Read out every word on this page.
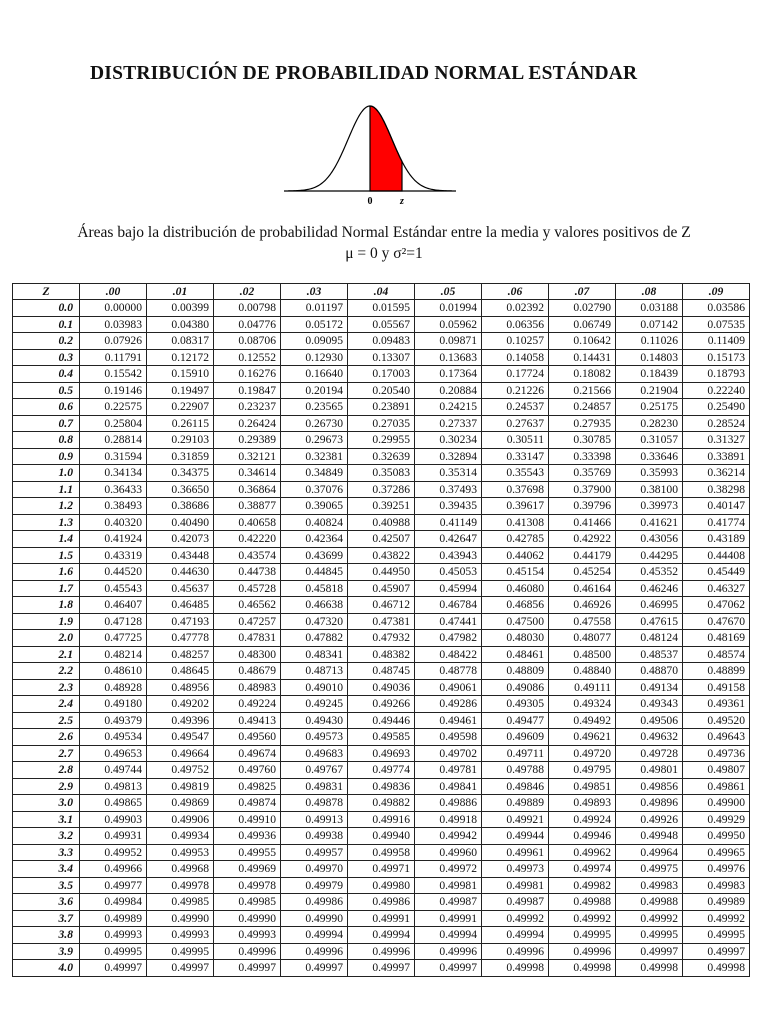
DISTRIBUCIÓN DE PROBABILIDAD NORMAL ESTÁNDAR
0	z
Áreas bajo la distribución de probabilidad Normal Estándar entre la media y valores positivos de Z
μ = 0 y σ²=1
Z	.00	.01	.02	.03	.04	.05	.06	.07	.08	.09
0.0	0.00000	0.00399	0.00798	0.01197	0.01595	0.01994	0.02392	0.02790	0.03188	0.03586
0.1	0.03983	0.04380	0.04776	0.05172	0.05567	0.05962	0.06356	0.06749	0.07142	0.07535
0.2	0.07926	0.08317	0.08706	0.09095	0.09483	0.09871	0.10257	0.10642	0.11026	0.11409
0.3	0.11791	0.12172	0.12552	0.12930	0.13307	0.13683	0.14058	0.14431	0.14803	0.15173
0.4	0.15542	0.15910	0.16276	0.16640	0.17003	0.17364	0.17724	0.18082	0.18439	0.18793
0.5	0.19146	0.19497	0.19847	0.20194	0.20540	0.20884	0.21226	0.21566	0.21904	0.22240
0.6	0.22575	0.22907	0.23237	0.23565	0.23891	0.24215	0.24537	0.24857	0.25175	0.25490
0.7	0.25804	0.26115	0.26424	0.26730	0.27035	0.27337	0.27637	0.27935	0.28230	0.28524
0.8	0.28814	0.29103	0.29389	0.29673	0.29955	0.30234	0.30511	0.30785	0.31057	0.31327
0.9	0.31594	0.31859	0.32121	0.32381	0.32639	0.32894	0.33147	0.33398	0.33646	0.33891
1.0	0.34134	0.34375	0.34614	0.34849	0.35083	0.35314	0.35543	0.35769	0.35993	0.36214
1.1	0.36433	0.36650	0.36864	0.37076	0.37286	0.37493	0.37698	0.37900	0.38100	0.38298
1.2	0.38493	0.38686	0.38877	0.39065	0.39251	0.39435	0.39617	0.39796	0.39973	0.40147
1.3	0.40320	0.40490	0.40658	0.40824	0.40988	0.41149	0.41308	0.41466	0.41621	0.41774
1.4	0.41924	0.42073	0.42220	0.42364	0.42507	0.42647	0.42785	0.42922	0.43056	0.43189
1.5	0.43319	0.43448	0.43574	0.43699	0.43822	0.43943	0.44062	0.44179	0.44295	0.44408
1.6	0.44520	0.44630	0.44738	0.44845	0.44950	0.45053	0.45154	0.45254	0.45352	0.45449
1.7	0.45543	0.45637	0.45728	0.45818	0.45907	0.45994	0.46080	0.46164	0.46246	0.46327
1.8	0.46407	0.46485	0.46562	0.46638	0.46712	0.46784	0.46856	0.46926	0.46995	0.47062
1.9	0.47128	0.47193	0.47257	0.47320	0.47381	0.47441	0.47500	0.47558	0.47615	0.47670
2.0	0.47725	0.47778	0.47831	0.47882	0.47932	0.47982	0.48030	0.48077	0.48124	0.48169
2.1	0.48214	0.48257	0.48300	0.48341	0.48382	0.48422	0.48461	0.48500	0.48537	0.48574
2.2	0.48610	0.48645	0.48679	0.48713	0.48745	0.48778	0.48809	0.48840	0.48870	0.48899
2.3	0.48928	0.48956	0.48983	0.49010	0.49036	0.49061	0.49086	0.49111	0.49134	0.49158
2.4	0.49180	0.49202	0.49224	0.49245	0.49266	0.49286	0.49305	0.49324	0.49343	0.49361
2.5	0.49379	0.49396	0.49413	0.49430	0.49446	0.49461	0.49477	0.49492	0.49506	0.49520
2.6	0.49534	0.49547	0.49560	0.49573	0.49585	0.49598	0.49609	0.49621	0.49632	0.49643
2.7	0.49653	0.49664	0.49674	0.49683	0.49693	0.49702	0.49711	0.49720	0.49728	0.49736
2.8	0.49744	0.49752	0.49760	0.49767	0.49774	0.49781	0.49788	0.49795	0.49801	0.49807
2.9	0.49813	0.49819	0.49825	0.49831	0.49836	0.49841	0.49846	0.49851	0.49856	0.49861
3.0	0.49865	0.49869	0.49874	0.49878	0.49882	0.49886	0.49889	0.49893	0.49896	0.49900
3.1	0.49903	0.49906	0.49910	0.49913	0.49916	0.49918	0.49921	0.49924	0.49926	0.49929
3.2	0.49931	0.49934	0.49936	0.49938	0.49940	0.49942	0.49944	0.49946	0.49948	0.49950
3.3	0.49952	0.49953	0.49955	0.49957	0.49958	0.49960	0.49961	0.49962	0.49964	0.49965
3.4	0.49966	0.49968	0.49969	0.49970	0.49971	0.49972	0.49973	0.49974	0.49975	0.49976
3.5	0.49977	0.49978	0.49978	0.49979	0.49980	0.49981	0.49981	0.49982	0.49983	0.49983
3.6	0.49984	0.49985	0.49985	0.49986	0.49986	0.49987	0.49987	0.49988	0.49988	0.49989
3.7	0.49989	0.49990	0.49990	0.49990	0.49991	0.49991	0.49992	0.49992	0.49992	0.49992
3.8	0.49993	0.49993	0.49993	0.49994	0.49994	0.49994	0.49994	0.49995	0.49995	0.49995
3.9	0.49995	0.49995	0.49996	0.49996	0.49996	0.49996	0.49996	0.49996	0.49997	0.49997
4.0	0.49997	0.49997	0.49997	0.49997	0.49997	0.49997	0.49998	0.49998	0.49998	0.49998
